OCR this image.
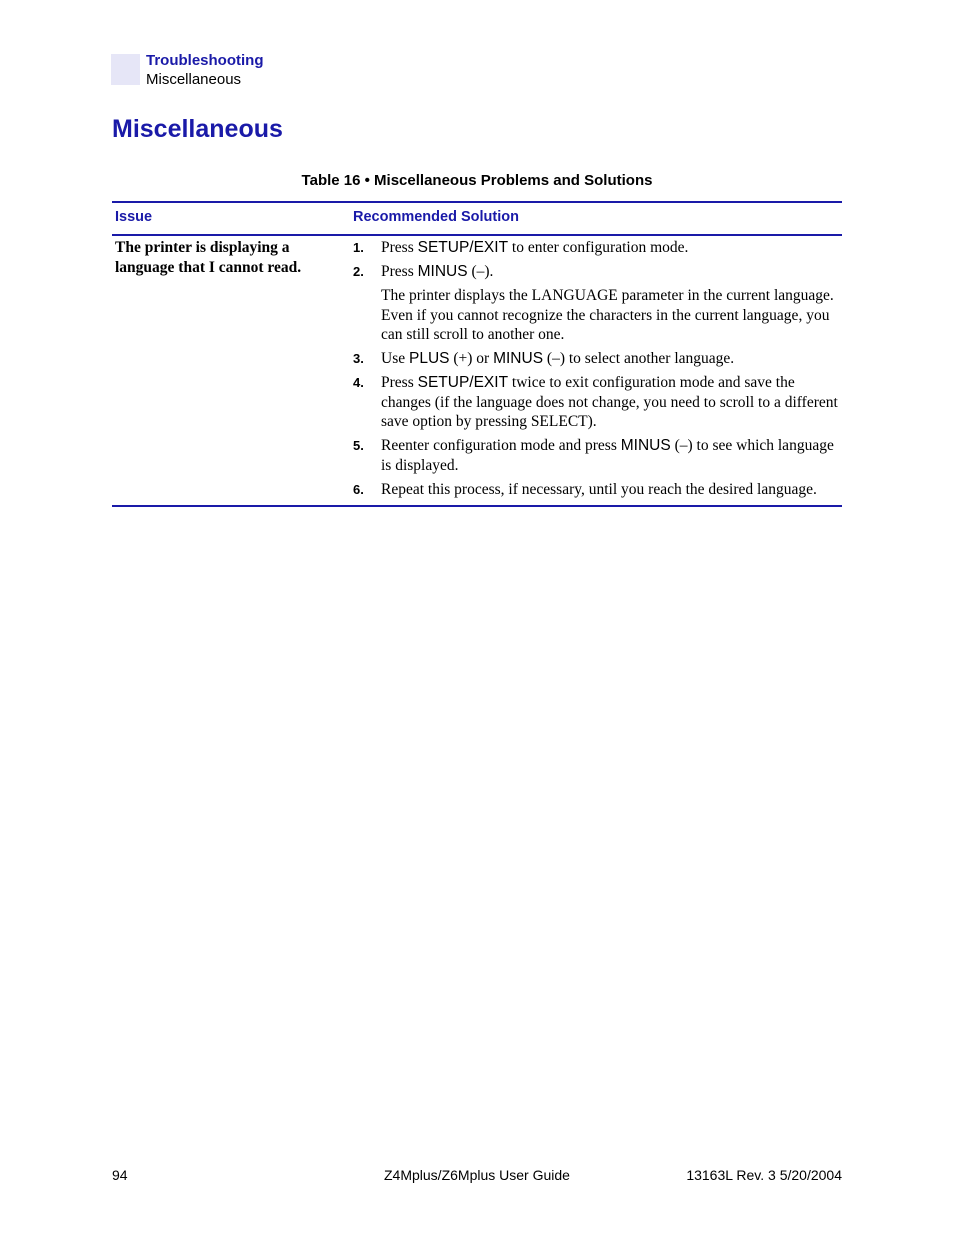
Troubleshooting
Miscellaneous
Miscellaneous
Table 16 • Miscellaneous Problems and Solutions
Issue	Recommended Solution
The printer is displaying a language that I cannot read.
1. Press SETUP/EXIT to enter configuration mode.
2. Press MINUS (–).
The printer displays the LANGUAGE parameter in the current language. Even if you cannot recognize the characters in the current language, you can still scroll to another one.
3. Use PLUS (+) or MINUS (–) to select another language.
4. Press SETUP/EXIT twice to exit configuration mode and save the changes (if the language does not change, you need to scroll to a different save option by pressing SELECT).
5. Reenter configuration mode and press MINUS (–) to see which language is displayed.
6. Repeat this process, if necessary, until you reach the desired language.
94	Z4Mplus/Z6Mplus User Guide	13163L Rev. 3 5/20/2004
